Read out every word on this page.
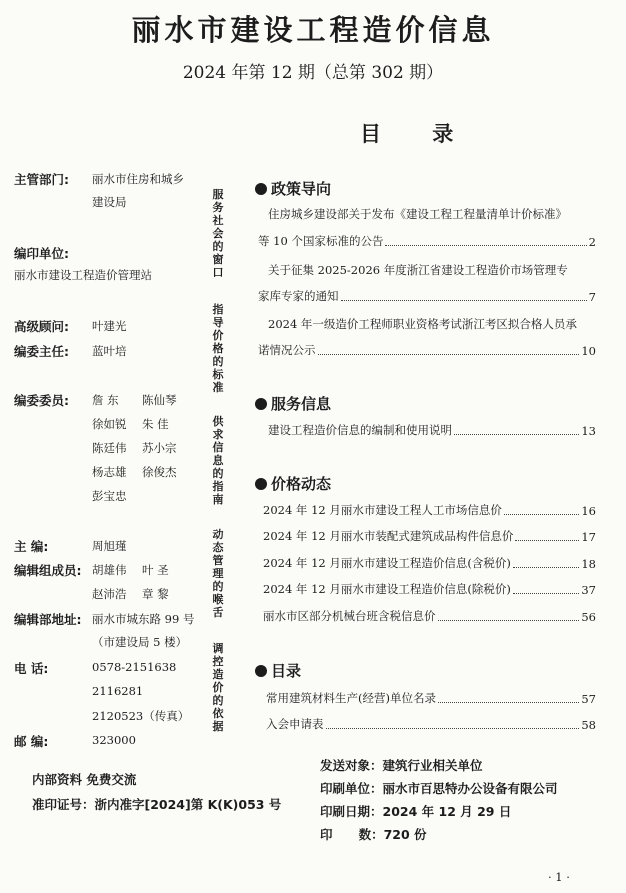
丽水市建设工程造价信息
2024 年第 12 期（总第 302 期）
目 录
主管部门: 丽水市住房和城乡
建设局
编印单位:
丽水市建设工程造价管理站
高级顾问: 叶建光
编委主任: 蓝叶培
编委委员: 詹 东 陈仙琴
徐如锐 朱 佳
陈廷伟 苏小宗
杨志雄 徐俊杰
彭宝忠
主 编:	周旭瑾
编辑组成员: 胡雄伟 叶 圣
赵沛浩 章 黎
编辑部地址: 丽水市城东路 99 号
（市建设局 5 楼）
电 话:	0578-2151638
2116281
2120523（传真）
邮 编:	323000
服务社会的窗口
指导价格的标准
供求信息的指南
动态管理的喉舌
调控造价的依据
政策导向
住房城乡建设部关于发布《建设工程工程量清单计价标准》
等 10 个国家标准的公告	2
关于征集 2025-2026 年度浙江省建设工程造价市场管理专
家库专家的通知	7
2024 年一级造价工程师职业资格考试浙江考区拟合格人员承
诺情况公示	10
服务信息
建设工程造价信息的编制和使用说明	13
价格动态
2024 年 12 月丽水市建设工程人工市场信息价	16
2024 年 12 月丽水市装配式建筑成品构件信息价	17
2024 年 12 月丽水市建设工程造价信息(含税价)	18
2024 年 12 月丽水市建设工程造价信息(除税价)	37
丽水市区部分机械台班含税信息价	56
目录
常用建筑材料生产(经营)单位名录	57
入会申请表	58
内部资料 免费交流
准印证号：浙内准字[2024]第 K(K)053 号
发送对象：建筑行业相关单位
印刷单位：丽水市百思特办公设备有限公司
印刷日期：2024 年 12 月 29 日
印      数：720 份
· 1 ·
